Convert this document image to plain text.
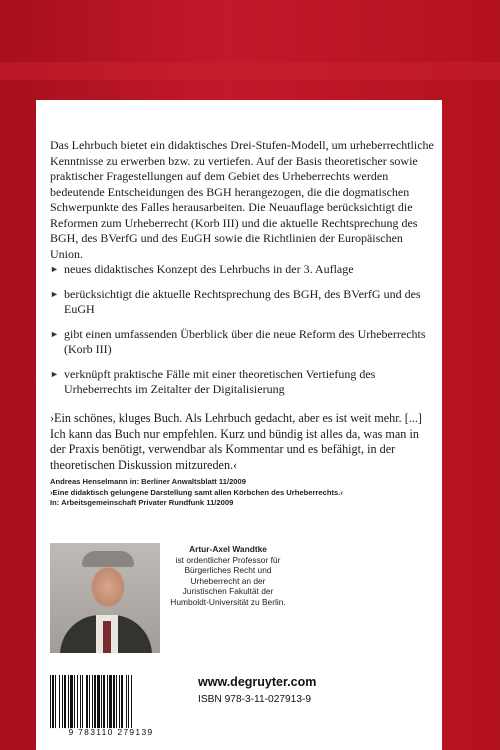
Das Lehrbuch bietet ein didaktisches Drei-Stufen-Modell, um urheberrechtliche Kenntnisse zu erwerben bzw. zu vertiefen. Auf der Basis theoretischer sowie praktischer Fragestellungen auf dem Gebiet des Urheberrechts werden bedeutende Entscheidungen des BGH herangezogen, die die dogmatischen Schwerpunkte des Falles herausarbeiten. Die Neuauflage berücksichtigt die Reformen zum Urheberrecht (Korb III) und die aktuelle Rechtsprechung des BGH, des BVerfG und des EuGH sowie die Richtlinien der Europäischen Union.
► neues didaktisches Konzept des Lehrbuchs in der 3. Auflage
► berücksichtigt die aktuelle Rechtsprechung des BGH, des BVerfG und des EuGH
► gibt einen umfassenden Überblick über die neue Reform des Urheberrechts (Korb III)
► verknüpft praktische Fälle mit einer theoretischen Vertiefung des Urheberrechts im Zeitalter der Digitalisierung
›Ein schönes, kluges Buch. Als Lehrbuch gedacht, aber es ist weit mehr. [...] Ich kann das Buch nur empfehlen. Kurz und bündig ist alles da, was man in der Praxis benötigt, verwendbar als Kommentar und es befähigt, in der theoretischen Diskussion mitzureden.‹
Andreas Henselmann in: Berliner Anwaltsblatt 11/2009
›Eine didaktisch gelungene Darstellung samt allen Körbchen des Urheberrechts.‹
In: Arbeitsgemeinschaft Privater Rundfunk 11/2009
Artur-Axel Wandtke
ist ordentlicher Professor für Bürgerliches Recht und Urheberrecht an der Juristischen Fakultät der Humboldt-Universität zu Berlin.
9 783110 279139
www.degruyter.com
ISBN 978-3-11-027913-9
